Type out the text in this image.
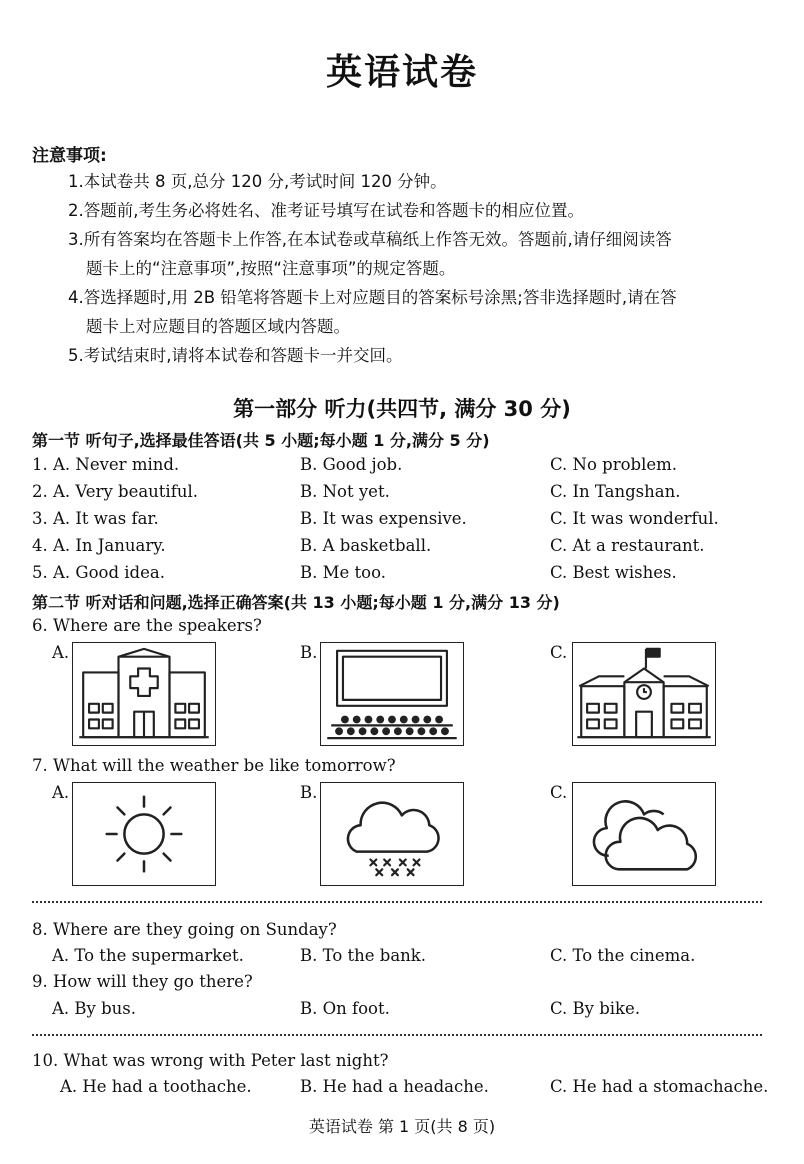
英语试卷
注意事项:
1.本试卷共 8 页,总分 120 分,考试时间 120 分钟。
2.答题前,考生务必将姓名、准考证号填写在试卷和答题卡的相应位置。
3.所有答案均在答题卡上作答,在本试卷或草稿纸上作答无效。答题前,请仔细阅读答
题卡上的“注意事项”,按照“注意事项”的规定答题。
4.答选择题时,用 2B 铅笔将答题卡上对应题目的答案标号涂黑;答非选择题时,请在答
题卡上对应题目的答题区域内答题。
5.考试结束时,请将本试卷和答题卡一并交回。
第一部分 听力(共四节, 满分 30 分)
第一节 听句子,选择最佳答语(共 5 小题;每小题 1 分,满分 5 分)
1. A. Never mind.	B. Good job.	C. No problem.
2. A. Very beautiful.	B. Not yet.	C. In Tangshan.
3. A. It was far.	B. It was expensive.	C. It was wonderful.
4. A. In January.	B. A basketball.	C. At a restaurant.
5. A. Good idea.	B. Me too.	C. Best wishes.
第二节 听对话和问题,选择正确答案(共 13 小题;每小题 1 分,满分 13 分)
6. Where are the speakers?
A.	B.	C.
7. What will the weather be like tomorrow?
A.	B.	C.
8. Where are they going on Sunday?
A. To the supermarket.	B. To the bank.	C. To the cinema.
9. How will they go there?
A. By bus.	B. On foot.	C. By bike.
10. What was wrong with Peter last night?
A. He had a toothache.	B. He had a headache.	C. He had a stomachache.
英语试卷 第 1 页(共 8 页)
